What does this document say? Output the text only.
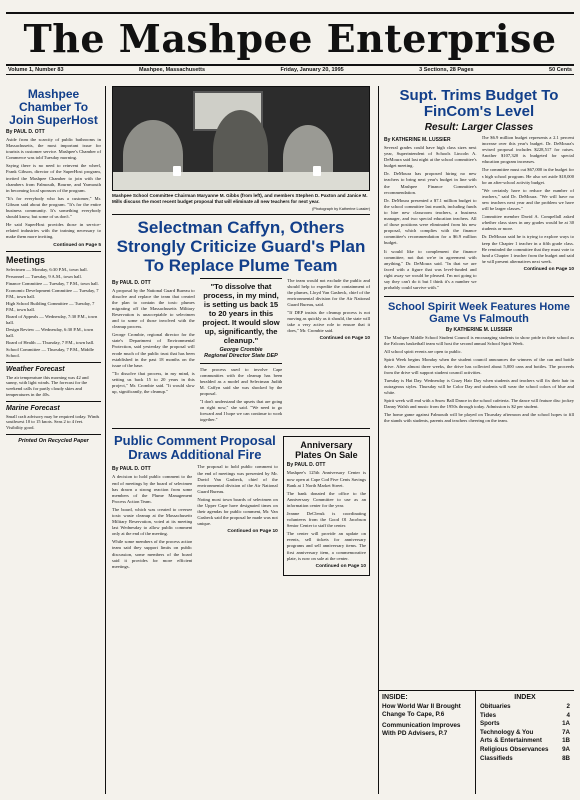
The Mashpee Enterprise
Volume 1, Number 83	Mashpee, Massachusetts	Friday, January 20, 1995	3 Sections, 28 Pages	50 Cents
Mashpee Chamber To Join SuperHost
By PAUL D. OTT

Aside from the scarcity of public bathrooms in Massachusetts, the most important issue for tourists is customer service. Mashpee's Chamber of Commerce was told Tuesday morning.

Saying there is no need to reinvent the wheel, Frank Gibson, director of the SuperHost program, invited the Mashpee Chamber to join with the chambers from Falmouth, Bourne, and Yarmouth in becoming local sponsors of the program.

"It's for everybody who has a customer," Mr. Gibson said about the program. "It's for the entire business community. It's something everybody should know, but some of us don't."

He said SuperHost provides those in service-related industries with the training necessary to make them more inviting.

Continued on Page 5
Meetings
Selectmen — Monday, 6:30 P.M., town hall.
Personnel — Tuesday, 9 A.M., town hall.
Finance Committee — Tuesday, 7 P.M., town hall.
Economic Development Committee — Tuesday, 7 P.M., town hall.
High School Building Committee — Tuesday, 7 P.M., town hall.
Board of Appeals — Wednesday, 7:30 P.M., town hall.
Design Review — Wednesday, 6:30 P.M., town hall.
Board of Health — Thursday, 7 P.M., town hall.
School Committee — Thursday, 7 P.M., Middle School.
Weather Forecast

The air temperature this morning was 42 and sunny, with light winds. The forecast for the weekend calls for partly cloudy skies and temperatures in the 40s.

Marine Forecast

Small craft advisory may be required today. Winds southwest 10 to 15 knots. Seas 2 to 4 feet. Visibility good.

Printed On Recycled Paper
Mashpee School Committee Chairman Maryanne M. Gibbs (from left), and members Stephen D. Paxton and Janice M. Mills discuss the most recent budget proposal that will eliminate all new teachers for next year.
(Photograph by Katherine Lussier)
Selectman Caffyn, Others Strongly Criticize Guard's Plan To Replace Plume Team
By PAUL D. OTT

A proposal by the National Guard Bureau to dissolve and replace the team that created the plan to contain the toxic plumes migrating off the Massachusetts Military Reservation is unacceptable to selectmen and to some of those involved with the cleanup process.

George Crombie, regional director for the state's Department of Environmental Protection, said yesterday the proposal will erode much of the public trust that has been established in the past 18 months on the issue of the base.

"To dissolve that process, in my mind, is setting us back 15 to 20 years in this project," Mr. Crombie said. "It would slow up, significantly, the cleanup."

"To dissolve that process, in my mind, is setting us back 15 to 20 years in this project. It would slow up, significantly, the cleanup."
George Crombie
Regional Director State DEP

The process used to involve Cape communities with the cleanup has been heralded as a model and Selectman Judith M. Caffyn said she was shocked by the proposal.

"I don't understand the upsets that are going on right now," she said. "We need to go forward and I hope we can continue to work together."

The team would not exclude the public and should help to expedite the containment of the plumes, Lloyd Van Gasbeck, chief of the environmental division for the Air National Guard Bureau, said.

"If DEP insists the cleanup process is not moving as quickly as it should, the state will take a very active role to ensure that it does," Mr. Crombie said.

Continued on Page 10
Public Comment Proposal Draws Additional Fire
By PAUL D. OTT

A decision to hold public comment to the end of meetings by the board of selectmen has drawn a strong reaction from some members of the Plume Management Process Action Team.

The board, which was created to oversee toxic waste cleanup at the Massachusetts Military Reservation, voted at its meeting last Wednesday to allow public comment only at the end of the meeting.

While some members of the process action team said they support limits on public discussion, some members of the board said it provides for more efficient meetings.

The proposal to hold public comment to the end of meetings was presented by Mr. David Van Gasbeck, chief of the environmental division of the Air National Guard Bureau.

Noting most town boards of selectmen on the Upper Cape have designated times on their agendas for public comment, Mr. Van Gasbeck said the proposal he made was not unique.

Continued on Page 10
Anniversary Plates On Sale
By PAUL D. OTT

Mashpee's 125th Anniversary Center is now open at Cape Cod Five Cents Savings Bank at 1 North Market Street.

The bank donated the office to the Anniversary Committee to use as an information center for the year.

Jeanne DeCleruk is coordinating volunteers from the Good Ol Jacobson Senior Center to staff the center.

The center will provide an update on events, sell tickets for anniversary programs and sell anniversary items. The first anniversary item, a commemorative plate, is now on sale at the center.

Continued on Page 10
Supt. Trims Budget To FinCom's Level
Result: Larger Classes
By KATHERINE M. LUSSIER

Several grades could have high class sizes next year, Superintendent of Schools Lincoln A. DeMoura said last night at the school committee's budget meeting.

Dr. DeMoura has proposed hiring no new teachers to bring next year's budget in line with the Mashpee Finance Committee's recommendation.

Dr. DeMoura presented a $7.1 million budget to the school committee last month, including funds to hire new classroom teachers, a business manager, and two special education teachers. All of those positions were eliminated from his new proposal, which complies with the finance committee's recommendation for a $6.9 million budget.

It would like to complement the finance committee, not that we're in agreement with anything," Dr. DeMoura said. "In that we are faced with a figure that was level-funded and right away we would be pleased. I'm not going to say they can't do it but I think it's a number we probably could survive with."

The $6.9 million budget represents a 2.1 percent increase over this year's budget. Dr. DeMoura's revised proposal includes $228,517 for raises. Another $107,320 is budgeted for special education program increases.

The committee must cut $67,000 in the budget for a high school program. He also set aside $18,000 for an after-school activity budget.

"We certainly have to reduce the number of teachers," said Dr. DeMoura. "We will have no new teachers next year and the problem we have will be larger classes."

Committee member David A. Compellall asked whether class sizes in any grades would be at 30 students or more.

Dr. DeMoura said he is trying to explore ways to keep the Chapter 1 teacher in a fifth grade class. He reminded the committee that they must vote to fund a Chapter 1 teacher from the budget and said he will present alternatives next week.

Continued on Page 10
School Spirit Week Features Home Game Vs Falmouth
By KATHERINE M. LUSSIER

The Mashpee Middle School Student Council is encouraging students to show pride in their school as the Falcons basketball team will host the second annual School Spirit Week.

All school spirit events are open to public.

Spirit Week begins Monday when the student council announces the winners of the can and bottle drive. After almost three weeks, the drive has collected about 5,000 cans and bottles. The proceeds from the drive will support student council activities.

Tuesday is Hat Day. Wednesday is Crazy Hair Day when students and teachers will fix their hair in outrageous styles. Thursday will be Color Day and students will wear the school colors of blue and white.

Spirit week will end with a Snow Ball Dance in the school cafeteria. The dance will feature disc jockey Danny Walsh and music from the 1950s through today. Admission is $2 per student.

The home game against Falmouth will be played on Thursday afternoon and the school hopes to fill the stands with students, parents and teachers cheering on the team.

INSIDE:
How World War II Brought Change To Cape, P.6
Communication Improves With PD Advisers, P.7
INDEX
Obituaries	2
Tides	4
Sports	1A
Technology & You	7A
Arts & Entertainment	1B
Religious Observances 9A
Classifieds	8B
